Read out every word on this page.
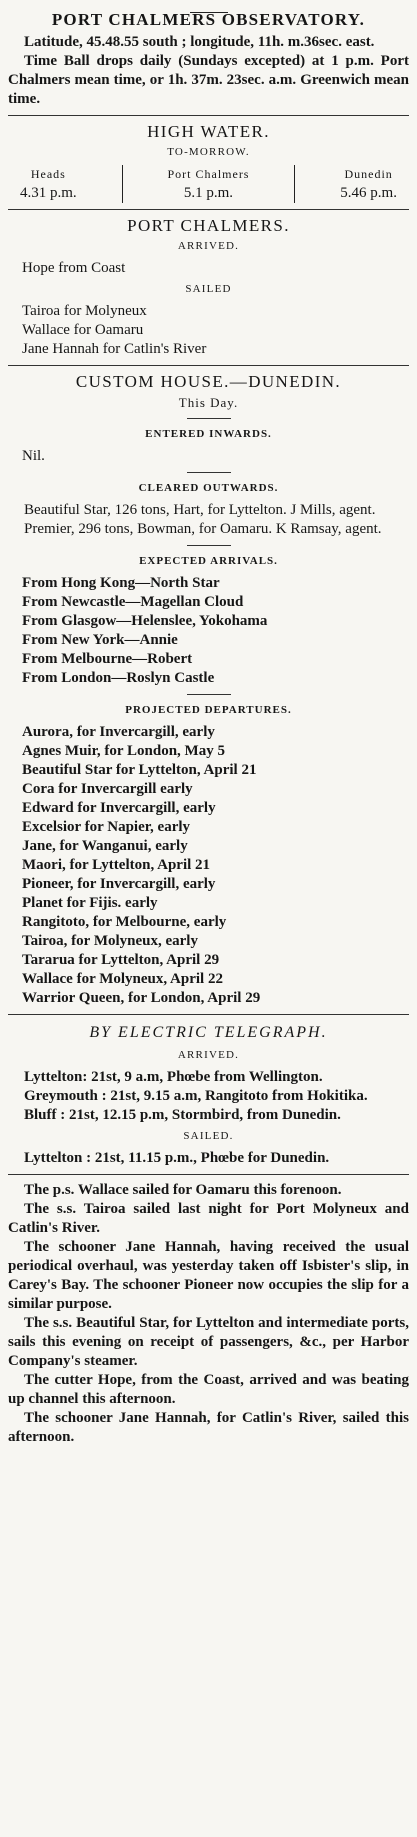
PORT CHALMERS OBSERVATORY.

Latitude, 45.48.55 south ; longitude, 11h. m.36sec. east.

Time Ball drops daily (Sundays excepted) at 1 p.m. Port Chalmers mean time, or 1h. 37m. 23sec. a.m. Greenwich mean time.

HIGH WATER.
TO-MORROW.
Heads
4.31 p.m.
Port Chalmers
5.1 p.m.
Dunedin
5.46 p.m.
PORT CHALMERS.
ARRIVED.
Hope from Coast
SAILED
Tairoa for Molyneux
Wallace for Oamaru
Jane Hannah for Catlin's River
CUSTOM HOUSE.—DUNEDIN.
This Day.
ENTERED INWARDS.
Nil.
CLEARED OUTWARDS.

Beautiful Star, 126 tons, Hart, for Lyttelton. J Mills, agent.

Premier, 296 tons, Bowman, for Oamaru. K Ramsay, agent.

EXPECTED ARRIVALS.
From Hong Kong—North Star
From Newcastle—Magellan Cloud
From Glasgow—Helenslee, Yokohama
From New York—Annie
From Melbourne—Robert
From London—Roslyn Castle
PROJECTED DEPARTURES.
Aurora, for Invercargill, early
Agnes Muir, for London, May 5
Beautiful Star for Lyttelton, April 21
Cora for Invercargill early
Edward for Invercargill, early
Excelsior for Napier, early
Jane, for Wanganui, early
Maori, for Lyttelton, April 21
Pioneer, for Invercargill, early
Planet for Fijis. early
Rangitoto, for Melbourne, early
Tairoa, for Molyneux, early
Tararua for Lyttelton, April 29
Wallace for Molyneux, April 22
Warrior Queen, for London, April 29
BY ELECTRIC TELEGRAPH.
ARRIVED.

Lyttelton: 21st, 9 a.m, Phœbe from Wellington.

Greymouth : 21st, 9.15 a.m, Rangitoto from Hokitika.

Bluff : 21st, 12.15 p.m, Stormbird, from Dunedin.

SAILED.

Lyttelton : 21st, 11.15 p.m., Phœbe for Dunedin.

The p.s. Wallace sailed for Oamaru this forenoon.

The s.s. Tairoa sailed last night for Port Molyneux and Catlin's River.

The schooner Jane Hannah, having received the usual periodical overhaul, was yesterday taken off Isbister's slip, in Carey's Bay. The schooner Pioneer now occupies the slip for a similar purpose.

The s.s. Beautiful Star, for Lyttelton and intermediate ports, sails this evening on receipt of passengers, &c., per Harbor Company's steamer.

The cutter Hope, from the Coast, arrived and was beating up channel this afternoon.

The schooner Jane Hannah, for Catlin's River, sailed this afternoon.
